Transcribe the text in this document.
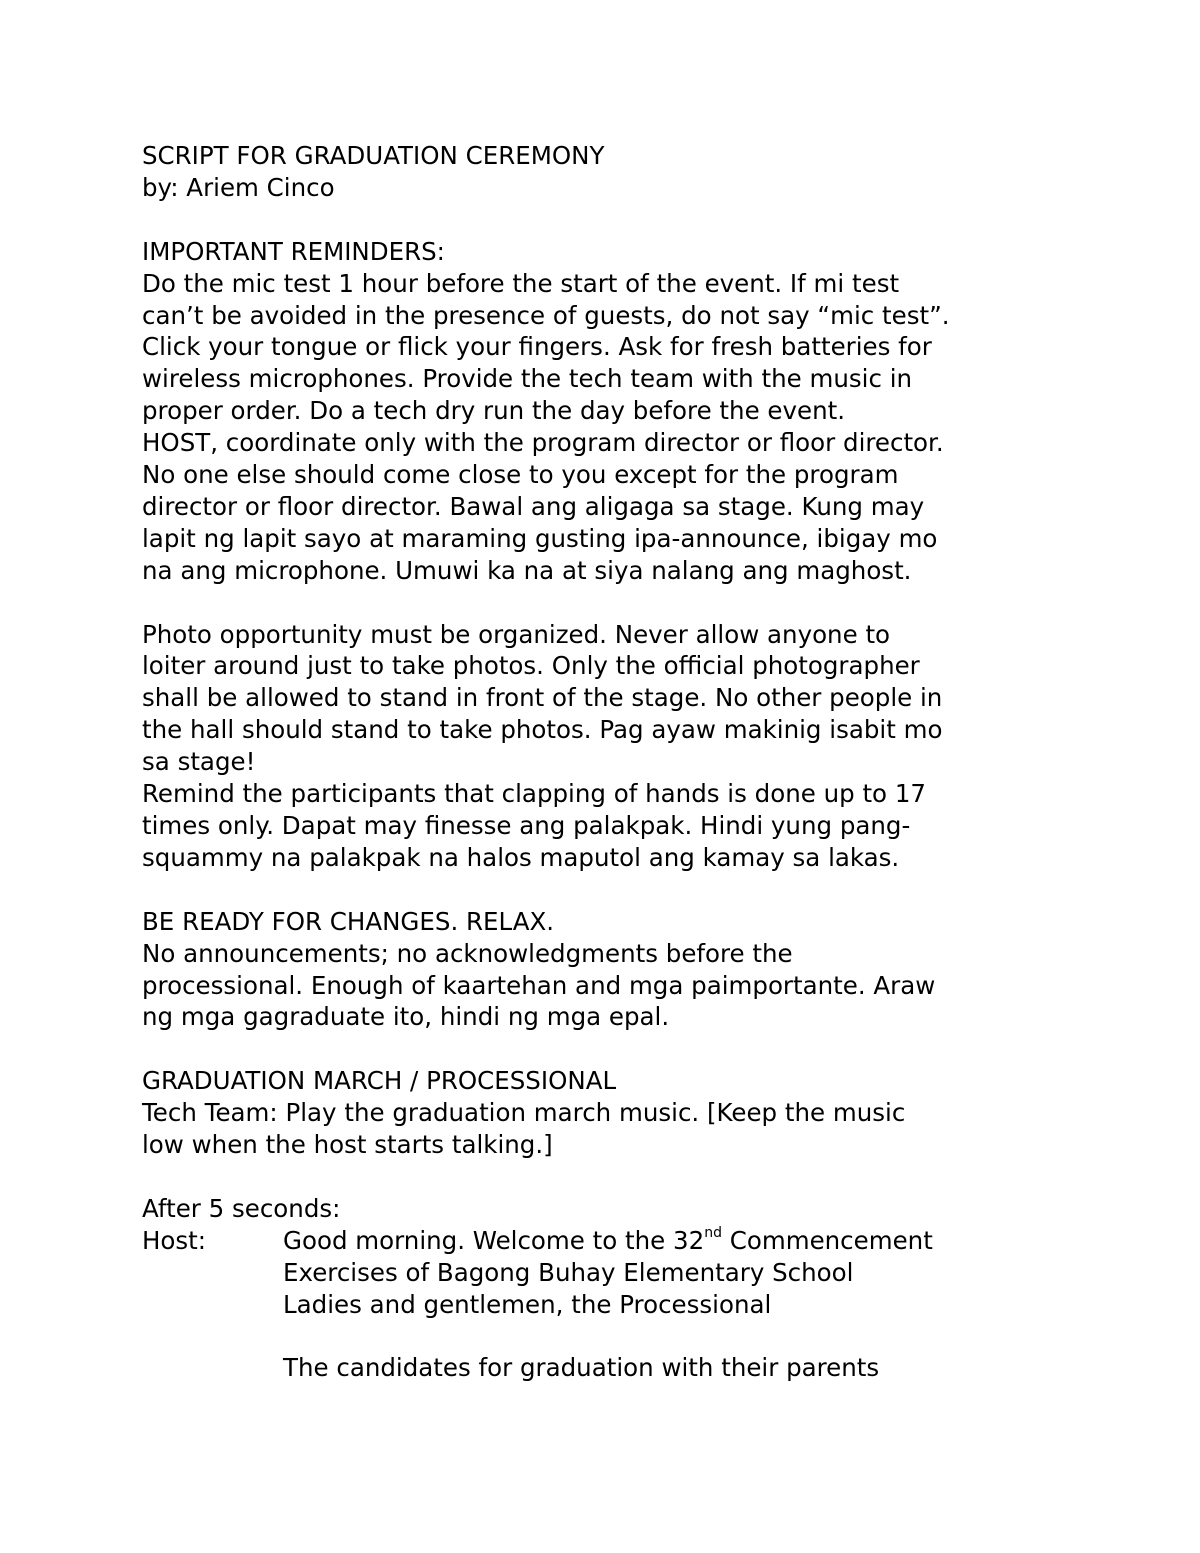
SCRIPT FOR GRADUATION CEREMONY
by: Ariem Cinco
IMPORTANT REMINDERS:
Do the mic test 1 hour before the start of the event. If mi test
can’t be avoided in the presence of guests, do not say “mic test”.
Click your tongue or flick your fingers. Ask for fresh batteries for
wireless microphones. Provide the tech team with the music in
proper order. Do a tech dry run the day before the event.
HOST, coordinate only with the program director or floor director.
No one else should come close to you except for the program
director or floor director. Bawal ang aligaga sa stage. Kung may
lapit ng lapit sayo at maraming gusting ipa-announce, ibigay mo
na ang microphone. Umuwi ka na at siya nalang ang maghost.
Photo opportunity must be organized. Never allow anyone to
loiter around just to take photos. Only the official photographer
shall be allowed to stand in front of the stage. No other people in
the hall should stand to take photos. Pag ayaw makinig isabit mo
sa stage!
Remind the participants that clapping of hands is done up to 17
times only. Dapat may finesse ang palakpak. Hindi yung pang-
squammy na palakpak na halos maputol ang kamay sa lakas.
BE READY FOR CHANGES. RELAX.
No announcements; no acknowledgments before the
processional. Enough of kaartehan and mga paimportante. Araw
ng mga gagraduate ito, hindi ng mga epal.
GRADUATION MARCH / PROCESSIONAL
Tech Team: Play the graduation march music. [Keep the music
low when the host starts talking.]
After 5 seconds:
Host:	Good morning. Welcome to the 32nd Commencement
Exercises of Bagong Buhay Elementary School
Ladies and gentlemen, the Processional
The candidates for graduation with their parents
